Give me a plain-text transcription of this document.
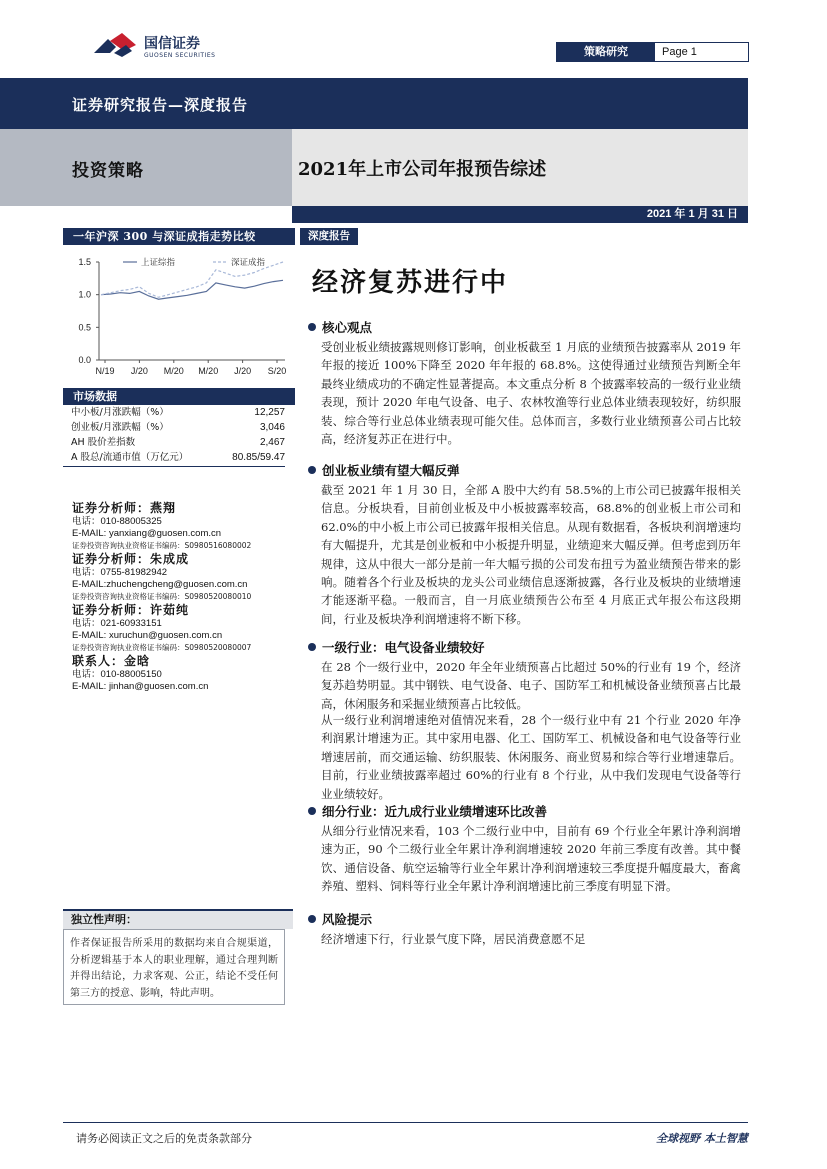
国信证券
GUOSEN SECURITIES	策略研究	Page 1
证券研究报告—深度报告
投资策略	2021年上市公司年报预告综述
2021 年 1 月 31 日
一年沪深 300 与深证成指走势比较
1.5
1.0
0.5
0.0
N/19 J/20 M/20 M/20 J/20 S/20
上证综指	深证成指
市场数据
中小板/月涨跌幅（%）	12,257
创业板/月涨跌幅（%）	3,046
AH 股价差指数	2,467
A 股总/流通市值（万亿元）	80.85/59.47
证券分析师：燕翔
电话：010-88005325
E-MAIL: yanxiang@guosen.com.cn
证券投资咨询执业资格证书编码：S0980516080002
证券分析师：朱成成
电话：0755-81982942
E-MAIL:zhuchengcheng@guosen.com.cn
证券投资咨询执业资格证书编码：S0980520080010
证券分析师：许茹纯
电话：021-60933151
E-MAIL: xuruchun@guosen.com.cn
证券投资咨询执业资格证书编码：S0980520080007
联系人：金晗
电话：010-88005150
E-MAIL: jinhan@guosen.com.cn
独立性声明：
作者保证报告所采用的数据均来自合规渠道，分析逻辑基于本人的职业理解，通过合理判断并得出结论，力求客观、公正，结论不受任何第三方的授意、影响，特此声明。
深度报告
经济复苏进行中
核心观点
受创业板业绩披露规则修订影响，创业板截至 1 月底的业绩预告披露率从 2019 年年报的接近 100%下降至 2020 年年报的 68.8%。这使得通过业绩预告判断全年最终业绩成功的不确定性显著提高。本文重点分析 8 个披露率较高的一级行业业绩表现，预计 2020 年电气设备、电子、农林牧渔等行业总体业绩表现较好，纺织服装、综合等行业总体业绩表现可能欠佳。总体而言，多数行业业绩预喜公司占比较高，经济复苏正在进行中。
创业板业绩有望大幅反弹
截至 2021 年 1 月 30 日，全部 A 股中大约有 58.5%的上市公司已披露年报相关信息。分板块看，目前创业板及中小板披露率较高，68.8%的创业板上市公司和 62.0%的中小板上市公司已披露年报相关信息。从现有数据看，各板块利润增速均有大幅提升，尤其是创业板和中小板提升明显，业绩迎来大幅反弹。但考虑到历年规律，这从中很大一部分是前一年大幅亏损的公司发布扭亏为盈业绩预告带来的影响。随着各个行业及板块的龙头公司业绩信息逐渐披露，各行业及板块的业绩增速才能逐渐平稳。一般而言，自一月底业绩预告公布至 4 月底正式年报公布这段期间，行业及板块净利润增速将不断下移。
一级行业：电气设备业绩较好
在 28 个一级行业中，2020 年全年业绩预喜占比超过 50%的行业有 19 个，经济复苏趋势明显。其中钢铁、电气设备、电子、国防军工和机械设备业绩预喜占比最高，休闲服务和采掘业绩预喜占比较低。
从一级行业利润增速绝对值情况来看，28 个一级行业中有 21 个行业 2020 年净利润累计增速为正。其中家用电器、化工、国防军工、机械设备和电气设备等行业增速居前，而交通运输、纺织服装、休闲服务、商业贸易和综合等行业增速靠后。目前，行业业绩披露率超过 60%的行业有 8 个行业，从中我们发现电气设备等行业业绩较好。
细分行业：近九成行业业绩增速环比改善
从细分行业情况来看，103 个二级行业中中，目前有 69 个行业全年累计净利润增速为正，90 个二级行业全年累计净利润增速较 2020 年前三季度有改善。其中餐饮、通信设备、航空运输等行业全年累计净利润增速较三季度提升幅度最大，畜禽养殖、塑料、饲料等行业全年累计净利润增速比前三季度有明显下滑。
风险提示
经济增速下行，行业景气度下降，居民消费意愿不足
请务必阅读正文之后的免责条款部分	全球视野 本土智慧
